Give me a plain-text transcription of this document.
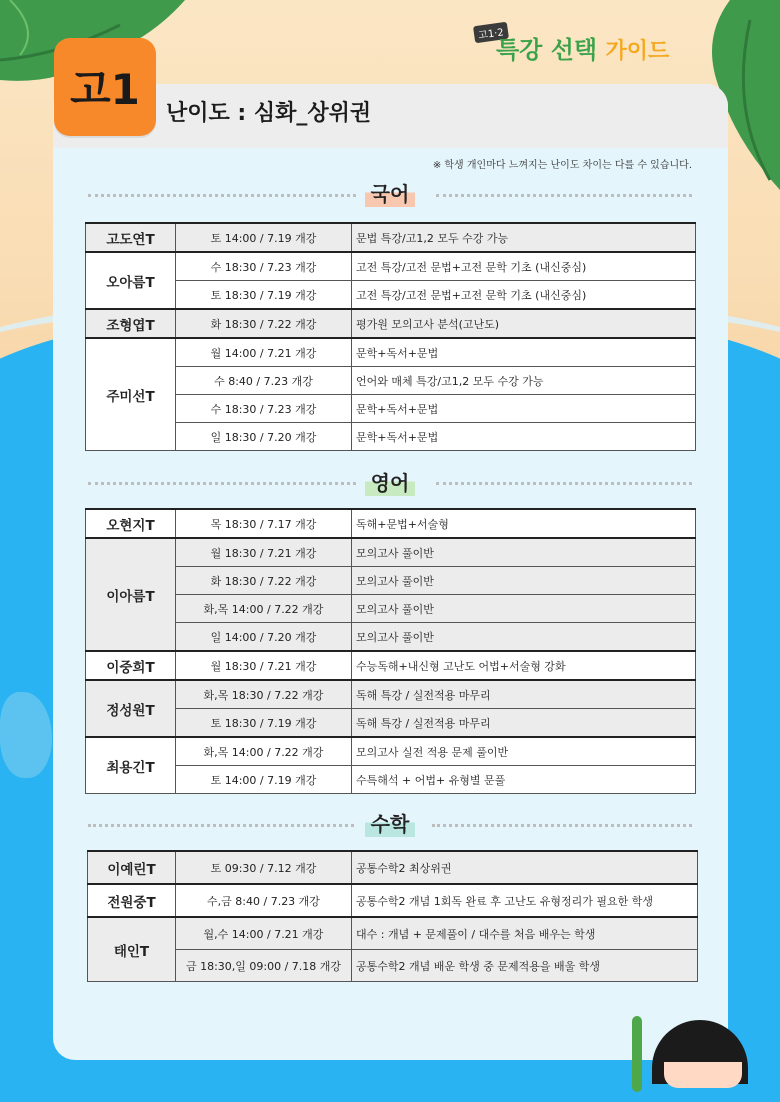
고1
고1·2
특강 선택 가이드
난이도 : 심화_상위권
※ 학생 개인마다 느껴지는 난이도 차이는 다를 수 있습니다.
국어
고도연T	토 14:00 / 7.19 개강	문법 특강/고1,2 모두 수강 가능
오아름T	수 18:30 / 7.23 개강	고전 특강/고전 문법+고전 문학 기초 (내신중심)
	토 18:30 / 7.19 개강	고전 특강/고전 문법+고전 문학 기초 (내신중심)
조형엽T	화 18:30 / 7.22 개강	평가원 모의고사 분석(고난도)
주미선T	월 14:00 / 7.21 개강	문학+독서+문법
	수 8:40 / 7.23 개강	언어와 매체 특강/고1,2 모두 수강 가능
	수 18:30 / 7.23 개강	문학+독서+문법
	일 18:30 / 7.20 개강	문학+독서+문법
영어
오현지T	목 18:30 / 7.17 개강	독해+문법+서술형
이아름T	월 18:30 / 7.21 개강	모의고사 풀이반
	화 18:30 / 7.22 개강	모의고사 풀이반
	화,목 14:00 / 7.22 개강	모의고사 풀이반
	일 14:00 / 7.20 개강	모의고사 풀이반
이중희T	월 18:30 / 7.21 개강	수능독해+내신형 고난도 어법+서술형 강화
정성원T	화,목 18:30 / 7.22 개강	독해 특강 / 실전적용 마무리
	토 18:30 / 7.19 개강	독해 특강 / 실전적용 마무리
최용긴T	화,목 14:00 / 7.22 개강	모의고사 실전 적용 문제 풀이반
	토 14:00 / 7.19 개강	수특해석 + 어법+ 유형별 문풀
수학
이예린T	토 09:30 / 7.12 개강	공통수학2 최상위권
전원중T	수,금 8:40 / 7.23 개강	공통수학2 개념 1회독 완료 후 고난도 유형정리가 필요한 학생
태인T	월,수 14:00 / 7.21 개강	대수 : 개념 + 문제풀이 / 대수를 처음 배우는 학생
	금 18:30,일 09:00 / 7.18 개강	공통수학2 개념 배운 학생 중 문제적용을 배울 학생
